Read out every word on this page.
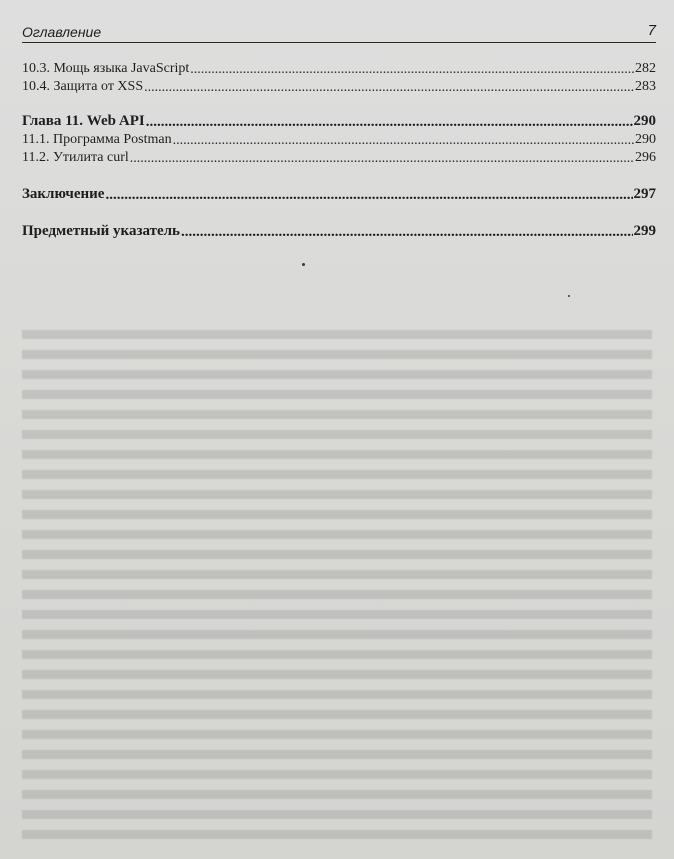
Оглавление	7
10.3. Мощь языка JavaScript .....	282
10.4. Защита от XSS .....	283
Глава 11. Web API .....	290
11.1. Программа Postman .....	290
11.2. Утилита curl .....	296
Заключение .....	297
Предметный указатель .....	299
